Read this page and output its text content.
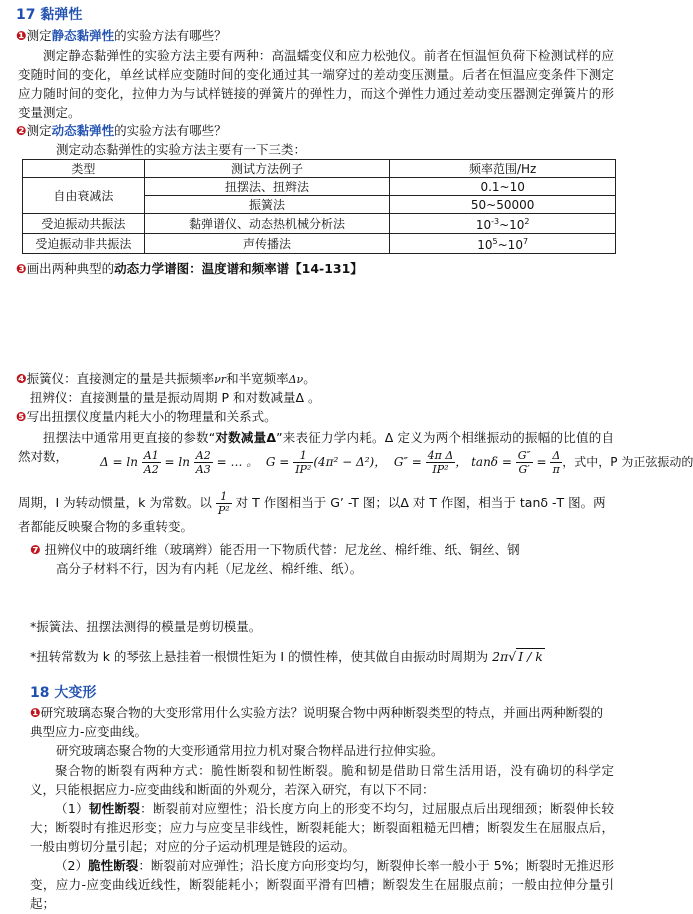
17 黏弹性
❶测定静态黏弹性的实验方法有哪些？
测定静态黏弹性的实验方法主要有两种：高温蠕变仪和应力松弛仪。前者在恒温恒负荷下检测试样的应变随时间的变化，单丝试样应变随时间的变化通过其一端穿过的差动变压测量。后者在恒温应变条件下测定应力随时间的变化，拉伸力为与试样链接的弹簧片的弹性力，而这个弹性力通过差动变压器测定弹簧片的形变量测定。
❷测定动态黏弹性的实验方法有哪些？
测定动态黏弹性的实验方法主要有一下三类：
类型	测试方法例子	频率范围/Hz
自由衰减法	扭摆法、扭辫法	0.1~10
	振簧法	50~50000
受迫振动共振法	黏弹谱仪、动态热机械分析法	$10^{-3}\sim 10^2$
受迫振动非共振法	声传播法	$10^5\sim 10^7$
❸画出两种典型的动态力学谱图：温度谱和频率谱【14-131】
❹振簧仪：直接测定的量是共振频率νr和半宽频率Δν。
扭辨仪：直接测量的量是振动周期 P 和对数减量Δ 。
❺写出扭摆仪度量内耗大小的物理量和关系式。
扭摆法中通常用更直接的参数“对数减量Δ”来表征力学内耗。Δ 定义为两个相继振动的振幅的比值的自然对数，	$\Delta = \ln \frac{A1}{A2} = \ln \frac{A2}{A3}$ = … 。 $G = \frac{1}{\text{IP²}} (4\pi^2 - \Delta^2)$， $G'' = \frac{\text{4π Δ}}{\text{IP²}}$ ， $\tan\delta = \frac{G''}{G'} = \frac{\Delta}{\pi}$ ，式中，P 为正弦振动的
周期，I 为转动惯量，k 为常数。以 $\frac{1}{\text{P²}}$ 对 T 作图相当于 G’ -T 图；以Δ 对 T 作图，相当于 tanδ -T 图。两
者都能反映聚合物的多重转变。
❼ 扭辨仪中的玻璃纤维（玻璃辫）能否用一下物质代替：尼龙丝、棉纤维、纸、铜丝、钢
高分子材料不行，因为有内耗（尼龙丝、棉纤维、纸）。
*振簧法、扭摆法测得的模量是剪切模量。
*扭转常数为 k 的琴弦上悬挂着一根惯性矩为 I 的惯性棒，使其做自由振动时周期为 2π√ I / k
18 大变形
❶研究玻璃态聚合物的大变形常用什么实验方法？说明聚合物中两种断裂类型的特点，并画出两种断裂的
典型应力-应变曲线。
研究玻璃态聚合物的大变形通常用拉力机对聚合物样品进行拉伸实验。
聚合物的断裂有两种方式：脆性断裂和韧性断裂。脆和韧是借助日常生活用语，没有确切的科学定义，只能根据应力-应变曲线和断面的外观分，若深入研究，有以下不同：
（1）韧性断裂：断裂前对应塑性；沿长度方向上的形变不均匀，过屈服点后出现细颈；断裂伸长较大；断裂时有推迟形变；应力与应变呈非线性，断裂耗能大；断裂面粗糙无凹槽；断裂发生在屈服点后，一般由剪切分量引起；对应的分子运动机理是链段的运动。
（2）脆性断裂：断裂前对应弹性；沿长度方向形变均匀，断裂伸长率一般小于 5%；断裂时无推迟形变，应力-应变曲线近线性，断裂能耗小；断裂面平滑有凹槽；断裂发生在屈服点前；一般由拉伸分量引起；
